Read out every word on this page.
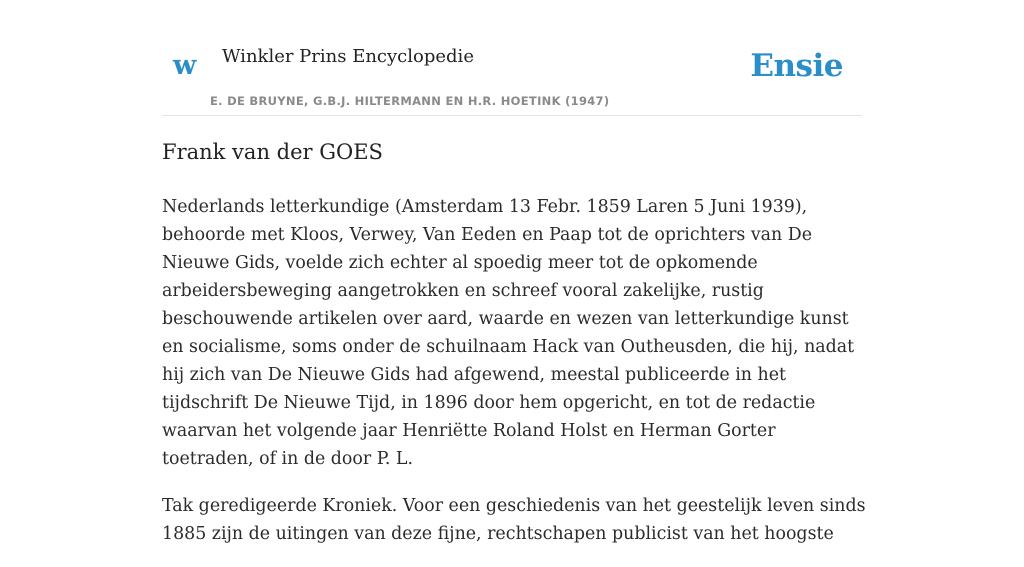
w Winkler Prins Encyclopedie
E. DE BRUYNE, G.B.J. HILTERMANN EN H.R. HOETINK (1947)
Ensie
Frank van der GOES

Nederlands letterkundige (Amsterdam 13 Febr. 1859 Laren 5 Juni 1939), behoorde met Kloos, Verwey, Van Eeden en Paap tot de oprichters van De Nieuwe Gids, voelde zich echter al spoedig meer tot de opkomende arbeidersbeweging aangetrokken en schreef vooral zakelijke, rustig beschouwende artikelen over aard, waarde en wezen van letterkundige kunst en socialisme, soms onder de schuilnaam Hack van Outheusden, die hij, nadat hij zich van De Nieuwe Gids had afgewend, meestal publiceerde in het tijdschrift De Nieuwe Tijd, in 1896 door hem opgericht, en tot de redactie waarvan het volgende jaar Henriëtte Roland Holst en Herman Gorter toetraden, of in de door P. L.

Tak geredigeerde Kroniek. Voor een geschiedenis van het geestelijk leven sinds 1885 zijn de uitingen van deze fijne, rechtschapen publicist van het hoogste
